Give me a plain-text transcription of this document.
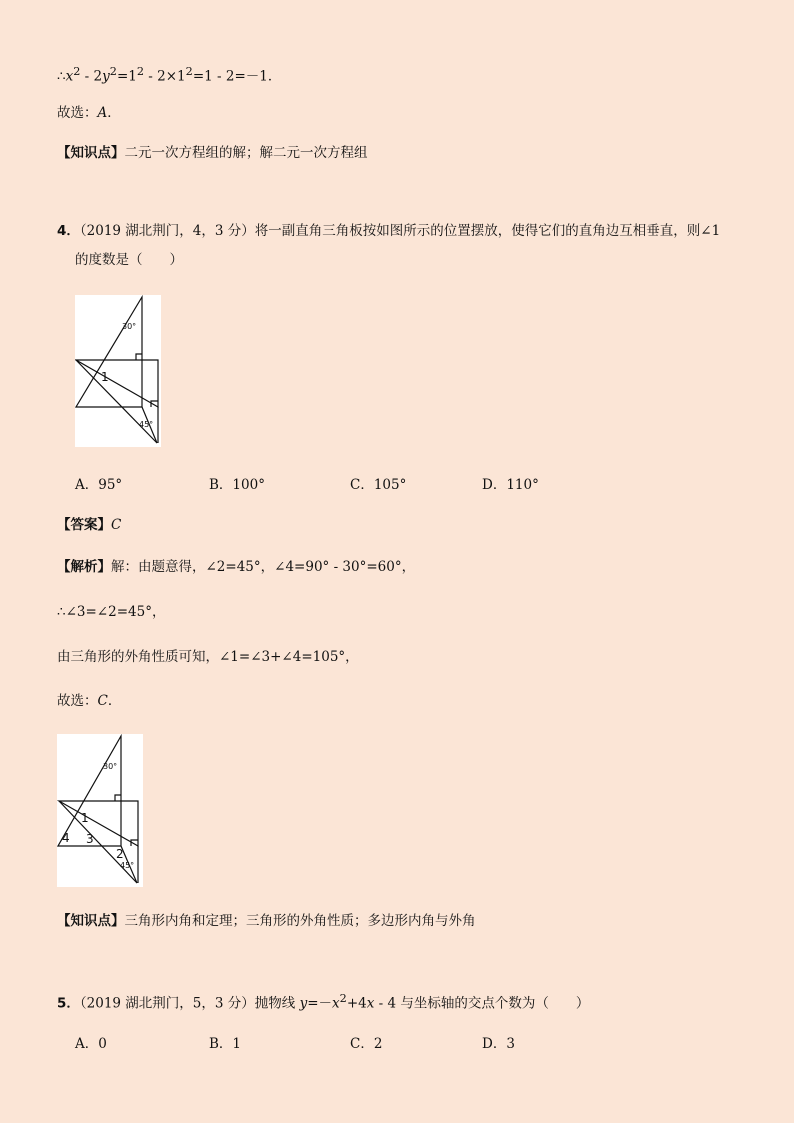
$\therefore x^2 - 2y^2=1^2 - 2\times 1^2=1 - 2=-1$．
故选：A．
【知识点】二元一次方程组的解；解二元一次方程组
4．（2019 湖北荆门，4，3 分）将一副直角三角板按如图所示的位置摆放，使得它们的直角边互相垂直，则∠1
的度数是（　　）
30°
1
45°
A．95°	B．100°	C．105°	D．110°
【答案】C
【解析】解：由题意得，∠2=45°，∠4=90° - 30°=60°，
∴∠3=∠2=45°，
由三角形的外角性质可知，∠1=∠3+∠4=105°，
故选：C．
30°
1
4 3
2
45°
【知识点】三角形内角和定理；三角形的外角性质；多边形内角与外角
5．（2019 湖北荆门，5，3 分）抛物线 $y=-x^2+4x - 4$ 与坐标轴的交点个数为（　　）
A．0	B．1	C．2	D．3
